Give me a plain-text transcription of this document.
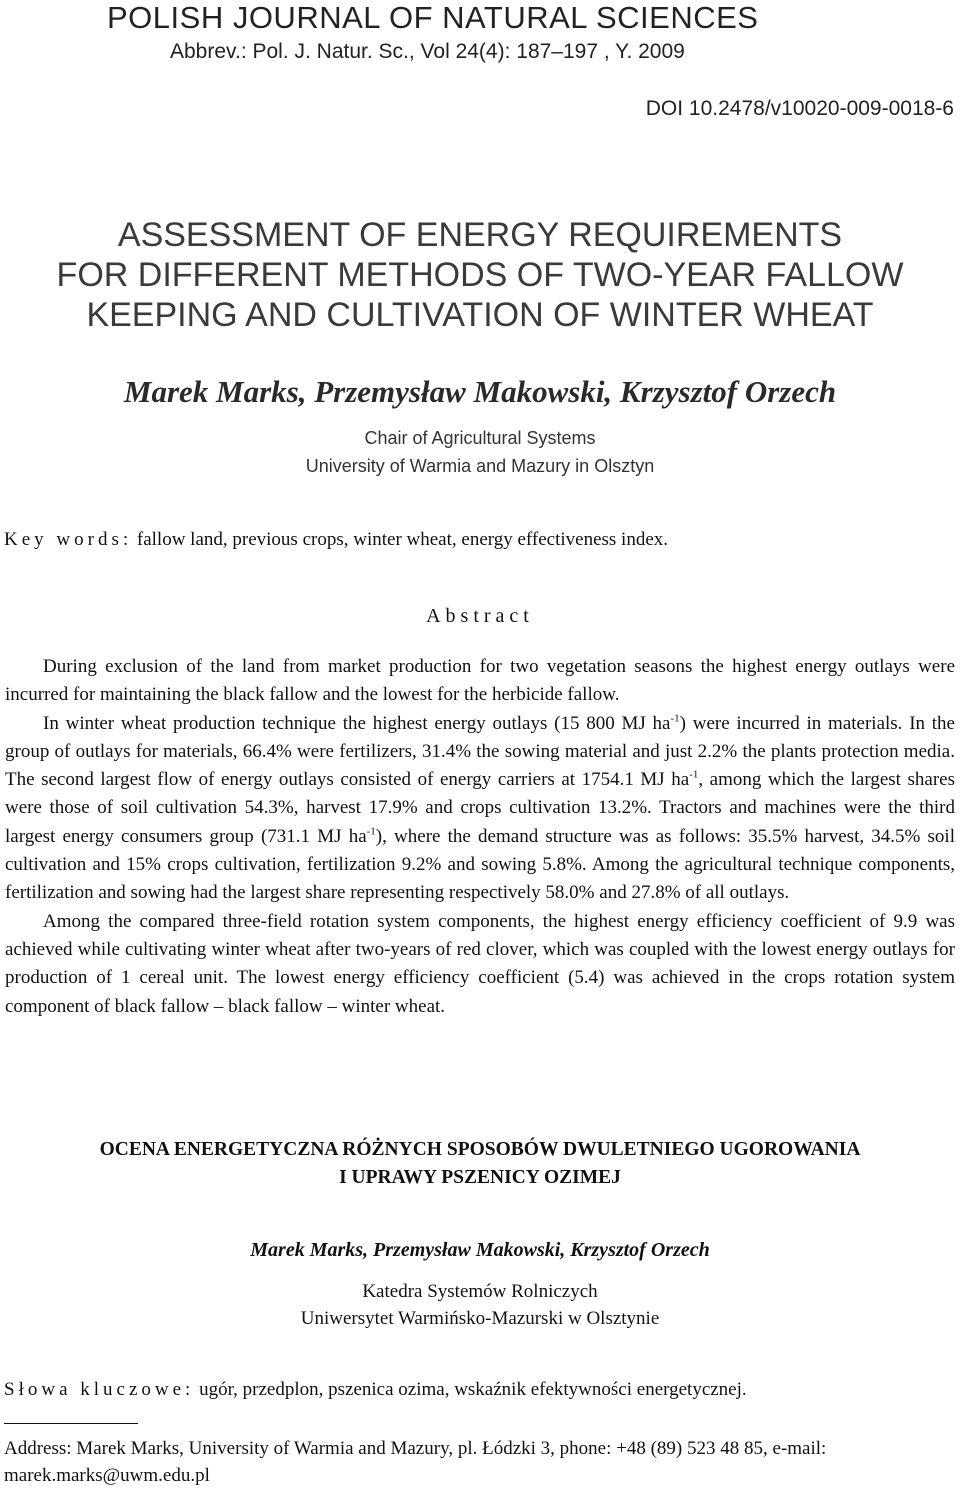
POLISH JOURNAL OF NATURAL SCIENCES
Abbrev.: Pol. J. Natur. Sc., Vol 24(4): 187–197 , Y. 2009
DOI 10.2478/v10020-009-0018-6
ASSESSMENT OF ENERGY REQUIREMENTS
FOR DIFFERENT METHODS OF TWO-YEAR FALLOW
KEEPING AND CULTIVATION OF WINTER WHEAT
Marek Marks, Przemysław Makowski, Krzysztof Orzech
Chair of Agricultural Systems
University of Warmia and Mazury in Olsztyn
Key words: fallow land, previous crops, winter wheat, energy effectiveness index.
Abstract

During exclusion of the land from market production for two vegetation seasons the highest energy outlays were incurred for maintaining the black fallow and the lowest for the herbicide fallow.

In winter wheat production technique the highest energy outlays (15 800 MJ $ha^{-1}$) were incurred in materials. In the group of outlays for materials, 66.4% were fertilizers, 31.4% the sowing material and just 2.2% the plants protection media. The second largest flow of energy outlays consisted of energy carriers at 1754.1 MJ $ha^{-1}$, among which the largest shares were those of soil cultivation 54.3%, harvest 17.9% and crops cultivation 13.2%. Tractors and machines were the third largest energy consumers group (731.1 MJ $ha^{-1}$), where the demand structure was as follows: 35.5% harvest, 34.5% soil cultivation and 15% crops cultivation, fertilization 9.2% and sowing 5.8%. Among the agricultural technique components, fertilization and sowing had the largest share representing respectively 58.0% and 27.8% of all outlays.

Among the compared three-field rotation system components, the highest energy efficiency coefficient of 9.9 was achieved while cultivating winter wheat after two-years of red clover, which was coupled with the lowest energy outlays for production of 1 cereal unit. The lowest energy efficiency coefficient (5.4) was achieved in the crops rotation system component of black fallow – black fallow – winter wheat.

OCENA ENERGETYCZNA RÓŻNYCH SPOSOBÓW DWULETNIEGO UGOROWANIA
I UPRAWY PSZENICY OZIMEJ
Marek Marks, Przemysław Makowski, Krzysztof Orzech
Katedra Systemów Rolniczych
Uniwersytet Warmińsko-Mazurski w Olsztynie
Słowa kluczowe: ugór, przedplon, pszenica ozima, wskaźnik efektywności energetycznej.
Address: Marek Marks, University of Warmia and Mazury, pl. Łódzki 3, phone: +48 (89) 523 48 85, e-mail: marek.marks@uwm.edu.pl
